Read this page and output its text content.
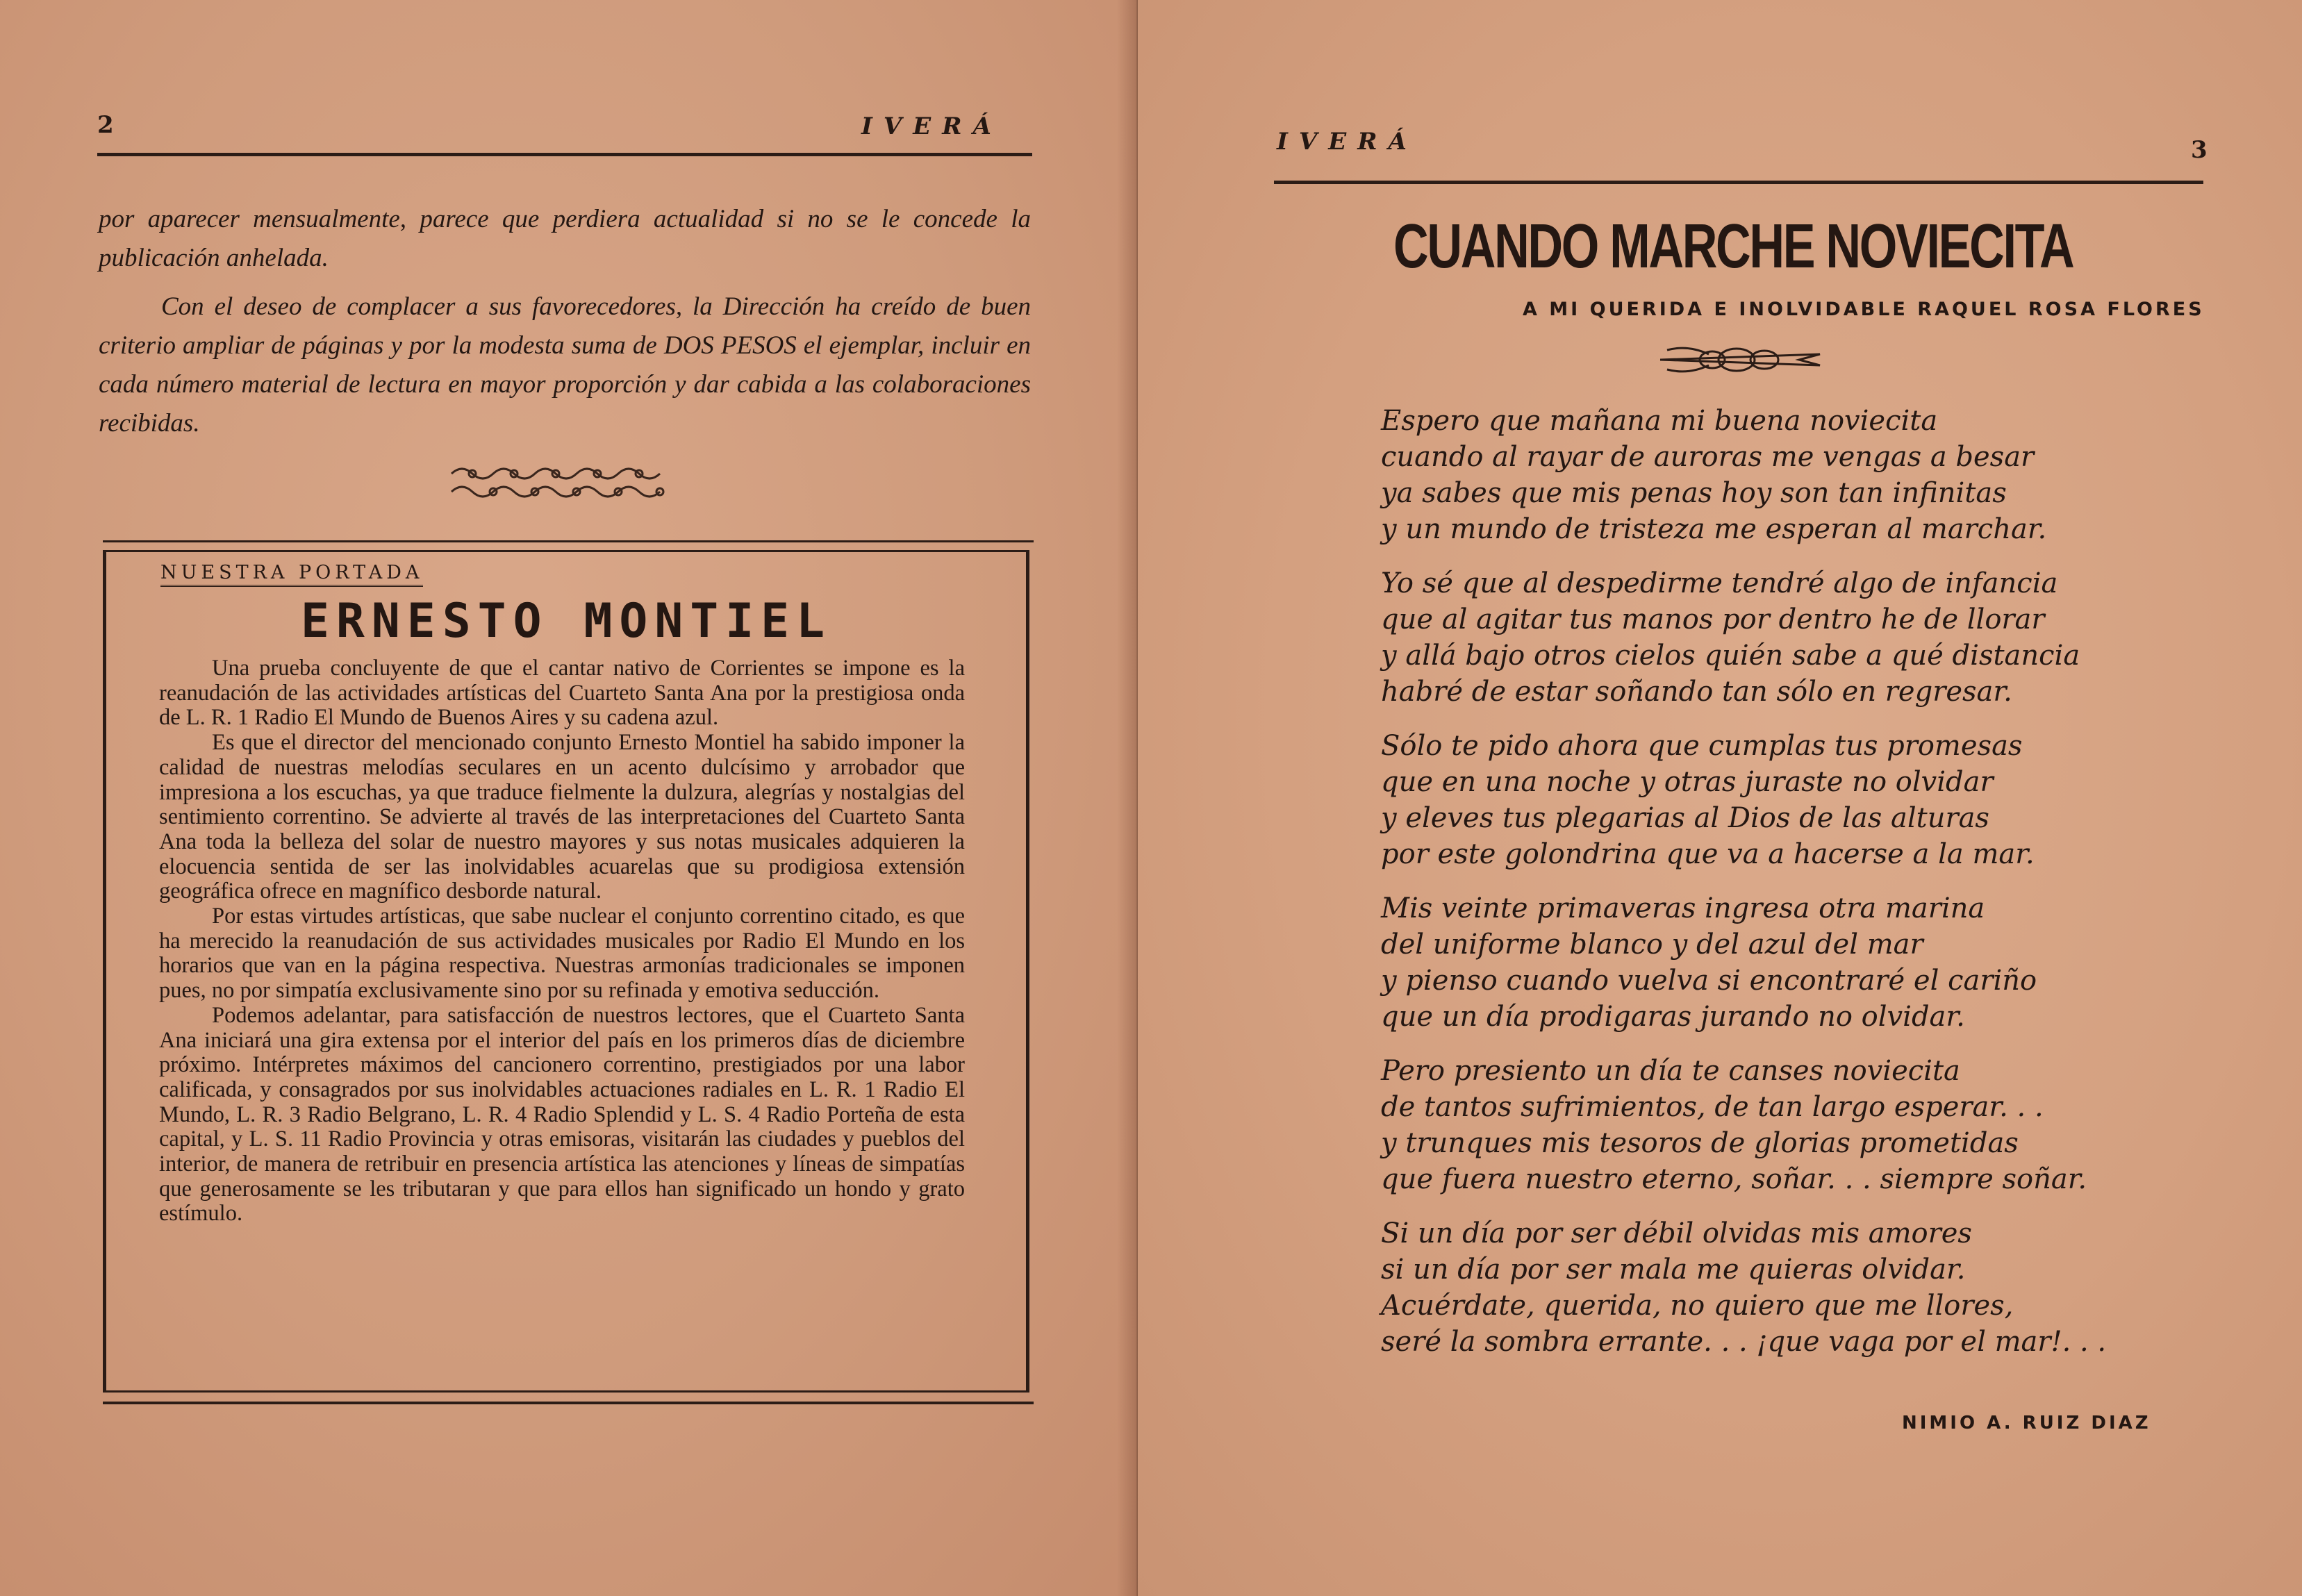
2	IVERÁ

por aparecer mensualmente, parece que perdiera actualidad si no se le concede la publicación anhelada.

Con el deseo de complacer a sus favorecedores, la Dirección ha creído de buen criterio ampliar de páginas y por la modesta suma de DOS PESOS el ejemplar, incluir en cada número material de lectura en mayor proporción y dar cabida a las colaboraciones recibidas.

NUESTRA PORTADA
ERNESTO MONTIEL

Una prueba concluyente de que el cantar nativo de Corrientes se impone es la reanudación de las actividades artísticas del Cuarteto Santa Ana por la prestigiosa onda de L. R. 1 Radio El Mundo de Buenos Aires y su cadena azul.

Es que el director del mencionado conjunto Ernesto Montiel ha sabido imponer la calidad de nuestras melodías seculares en un acento dulcísimo y arrobador que impresiona a los escuchas, ya que traduce fielmente la dulzura, alegrías y nostalgias del sentimiento correntino. Se advierte al través de las interpretaciones del Cuarteto Santa Ana toda la belleza del solar de nuestro mayores y sus notas musicales adquieren la elocuencia sentida de ser las inolvidables acuarelas que su prodigiosa extensión geográfica ofrece en magnífico desborde natural.

Por estas virtudes artísticas, que sabe nuclear el conjunto correntino citado, es que ha merecido la reanudación de sus actividades musicales por Radio El Mundo en los horarios que van en la página respectiva. Nuestras armonías tradicionales se imponen pues, no por simpatía exclusivamente sino por su refinada y emotiva seducción.

Podemos adelantar, para satisfacción de nuestros lectores, que el Cuarteto Santa Ana iniciará una gira extensa por el interior del país en los primeros días de diciembre próximo. Intérpretes máximos del cancionero correntino, prestigiados por una labor calificada, y consagrados por sus inolvidables actuaciones radiales en L. R. 1 Radio El Mundo, L. R. 3 Radio Belgrano, L. R. 4 Radio Splendid y L. S. 4 Radio Porteña de esta capital, y L. S. 11 Radio Provincia y otras emisoras, visitarán las ciudades y pueblos del interior, de manera de retribuir en presencia artística las atenciones y líneas de simpatías que generosamente se les tributaran y que para ellos han significado un hondo y grato estímulo.

IVERÁ	3
CUANDO MARCHE NOVIECITA
A MI QUERIDA E INOLVIDABLE RAQUEL ROSA FLORES
Espero que mañana mi buena noviecita
cuando al rayar de auroras me vengas a besar
ya sabes que mis penas hoy son tan infinitas
y un mundo de tristeza me esperan al marchar.
Yo sé que al despedirme tendré algo de infancia
que al agitar tus manos por dentro he de llorar
y allá bajo otros cielos quién sabe a qué distancia
habré de estar soñando tan sólo en regresar.
Sólo te pido ahora que cumplas tus promesas
que en una noche y otras juraste no olvidar
y eleves tus plegarias al Dios de las alturas
por este golondrina que va a hacerse a la mar.
Mis veinte primaveras ingresa otra marina
del uniforme blanco y del azul del mar
y pienso cuando vuelva si encontraré el cariño
que un día prodigaras jurando no olvidar.
Pero presiento un día te canses noviecita
de tantos sufrimientos, de tan largo esperar. . .
y trunques mis tesoros de glorias prometidas
que fuera nuestro eterno, soñar. . . siempre soñar.
Si un día por ser débil olvidas mis amores
si un día por ser mala me quieras olvidar.
Acuérdate, querida, no quiero que me llores,
seré la sombra errante. . . ¡que vaga por el mar!. . .
NIMIO A. RUIZ DIAZ
